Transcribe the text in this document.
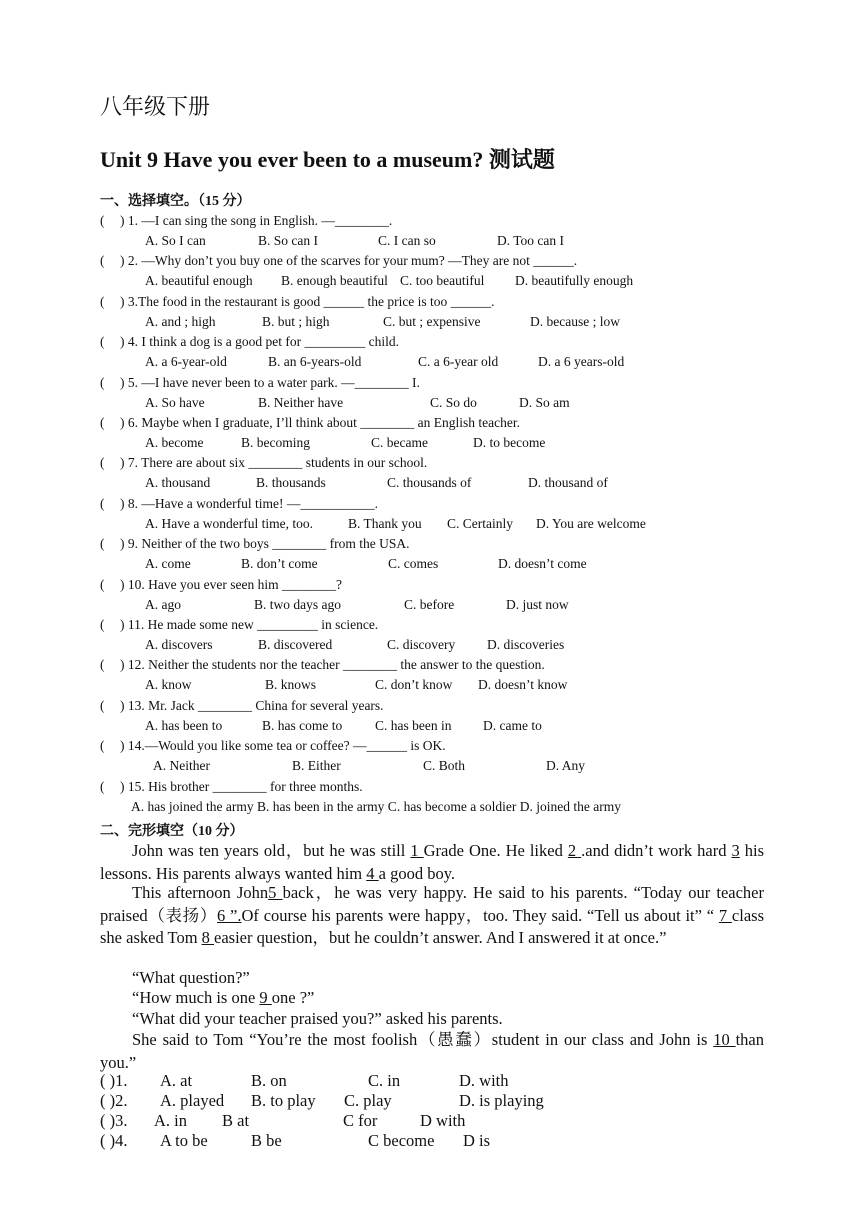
八年级下册
Unit 9 Have you ever been to a museum? 测试题
一、选择填空。（15 分）
( ) 1. —I can sing the song in English. —________.
A. So I can	B. So can I	C. I can so	D. Too can I
( ) 2. —Why don’t you buy one of the scarves for your mum? —They are not ______.
A. beautiful enough B. enough beautiful C. too beautiful D. beautifully enough
( ) 3.The food in the restaurant is good ______ the price is too ______.
A. and ; high	B. but ; high	C. but ; expensive	D. because ; low
( ) 4. I think a dog is a good pet for _________ child.
A. a 6-year-old	B. an 6-years-old	C. a 6-year old	D. a 6 years-old
( ) 5. —I have never been to a water park. —________ I.
A. So have	B. Neither have	C. So do	D. So am
( ) 6. Maybe when I graduate, I’ll think about ________ an English teacher.
A. become	B. becoming	C. became	D. to become
( ) 7. There are about six ________ students in our school.
A. thousand	B. thousands	C. thousands of	D. thousand of
( ) 8. —Have a wonderful time! —___________.
A. Have a wonderful time, too.	B. Thank you C. Certainly D. You are welcome
( ) 9. Neither of the two boys ________ from the USA.
A. come	B. don’t come	C. comes	D. doesn’t come
( ) 10. Have you ever seen him ________?
A. ago	B. two days ago	C. before	D. just now
( ) 11. He made some new _________ in science.
A. discovers	B. discovered	C. discovery D. discoveries
( ) 12. Neither the students nor the teacher ________ the answer to the question.
A. know	B. knows	C. don’t know D. doesn’t know
( ) 13. Mr. Jack ________ China for several years.
A. has been to	B. has come to C. has been in D. came to
( ) 14.—Would you like some tea or coffee? —______ is OK.
A. Neither	B. Either	C. Both	D. Any
( ) 15. His brother ________ for three months.
A. has joined the army B. has been in the army C. has become a soldier D. joined the army
二、完形填空（10 分）
John was ten years old，but he was still 1 Grade One. He liked 2 .and didn’t work hard 3 his lessons. His parents always wanted him 4 a good boy.
This afternoon John5 back，he was very happy. He said to his parents. “Today our teacher praised（表扬）6 ”.Of course his parents were happy，too. They said. “Tell us about it” “ 7 class she asked Tom 8 easier question，but he couldn’t answer. And I answered it at once.”
“What question?”
“How much is one 9 one ?”
“What did your teacher praised you?” asked his parents.
She said to Tom “You’re the most foolish（愚蠢）student in our class and John is 10 than you.”
( )1. A. at	B. on	C. in	D. with
( )2. A. played B. to play C. play	D. is playing
( )3. A. in B at	C for	D with
( )4. A to be	B be	C become D is
